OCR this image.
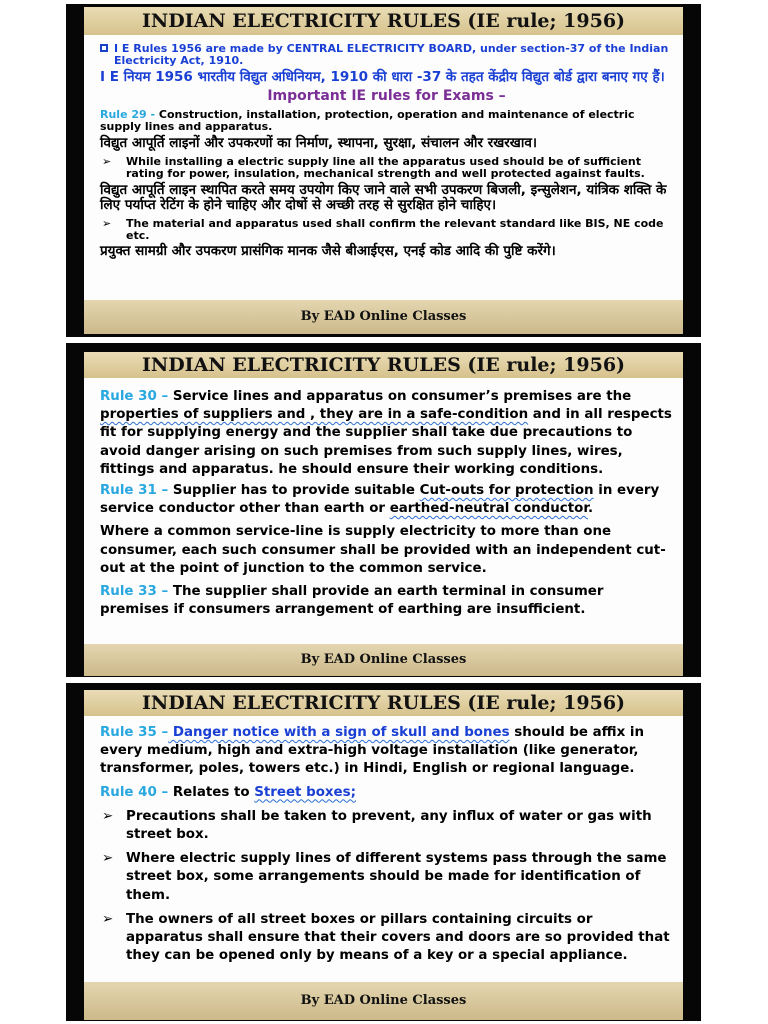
INDIAN ELECTRICITY RULES (IE rule; 1956)

I E Rules 1956 are made by CENTRAL ELECTRICITY BOARD, under section-37 of the Indian Electricity Act, 1910.

I E नियम 1956 भारतीय विद्युत अधिनियम, 1910 की धारा -37 के तहत केंद्रीय विद्युत बोर्ड द्वारा बनाए गए हैं।

Important IE rules for Exams –

Rule 29 - Construction, installation, protection, operation and maintenance of electric supply lines and apparatus.

विद्युत आपूर्ति लाइनों और उपकरणों का निर्माण, स्थापना, सुरक्षा, संचालन और रखरखाव।

➢ While installing a electric supply line all the apparatus used should be of sufficient rating for power, insulation, mechanical strength and well protected against faults.

विद्युत आपूर्ति लाइन स्थापित करते समय उपयोग किए जाने वाले सभी उपकरण बिजली, इन्सुलेशन, यांत्रिक शक्ति के लिए पर्याप्त रेटिंग के होने चाहिए और दोषों से अच्छी तरह से सुरक्षित होने चाहिए।

➢ The material and apparatus used shall confirm the relevant standard like BIS, NE code etc.

प्रयुक्त सामग्री और उपकरण प्रासंगिक मानक जैसे बीआईएस, एनई कोड आदि की पुष्टि करेंगे।

By EAD Online Classes
INDIAN ELECTRICITY RULES (IE rule; 1956)

Rule 30 – Service lines and apparatus on consumer’s premises are the properties of suppliers and , they are in a safe-condition and in all respects fit for supplying energy and the supplier shall take due precautions to avoid danger arising on such premises from such supply lines, wires, fittings and apparatus. he should ensure their working conditions.

Rule 31 – Supplier has to provide suitable Cut-outs for protection in every service conductor other than earth or earthed-neutral conductor.

Where a common service-line is supply electricity to more than one consumer, each such consumer shall be provided with an independent cut-out at the point of junction to the common service.

Rule 33 – The supplier shall provide an earth terminal in consumer premises if consumers arrangement of earthing are insufficient.

By EAD Online Classes
INDIAN ELECTRICITY RULES (IE rule; 1956)

Rule 35 – Danger notice with a sign of skull and bones should be affix in every medium, high and extra-high voltage installation (like generator, transformer, poles, towers etc.) in Hindi, English or regional language.

Rule 40 – Relates to Street boxes;

➢ Precautions shall be taken to prevent, any influx of water or gas with street box.

➢ Where electric supply lines of different systems pass through the same street box, some arrangements should be made for identification of them.

➢ The owners of all street boxes or pillars containing circuits or apparatus shall ensure that their covers and doors are so provided that they can be opened only by means of a key or a special appliance.

By EAD Online Classes
